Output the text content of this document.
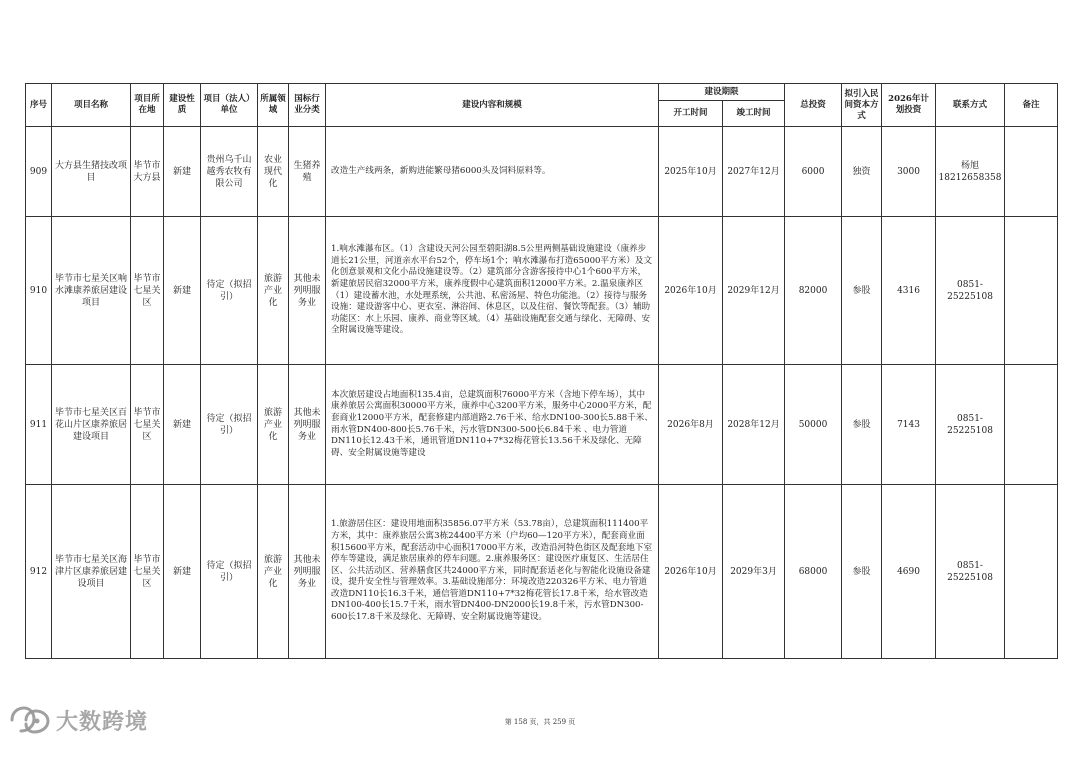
序号	项目名称	项目所在地	建设性质	项目（法人）单位	所属领域	国标行业分类	建设内容和规模	建设期限		总投资	拟引入民间资本方式	2026年计划投资	联系方式	备注
								开工时间	竣工时间					
909	大方县生猪技改项目	毕节市大方县	新建	贵州乌千山越秀农牧有限公司	农业现代化	生猪养殖	改造生产线两条，新购进能繁母猪6000头及饲料原料等。	2025年10月	2027年12月	6000	独资	3000	杨旭 18212658358	
910	毕节市七星关区响水滩康养旅居建设项目	毕节市七星关区	新建	待定（拟招引）	旅游产业化	其他未列明服务业	1.响水滩瀑布区。（1）含建设天河公园至碧阳湖8.5公里两侧基础设施建设（康养步道长21公里，河道亲水平台52个，停车场1个；响水滩瀑布打造65000平方米）及文化创意景观和文化小品设施建设等。（2）建筑部分含游客接待中心1个600平方米，新建旅居民宿32000平方米，康养度假中心建筑面积12000平方米。2.温泉康养区（1）建设蓄水池，水处理系统，公共池、私密汤屋、特色功能池。（2）接待与服务设施：建设游客中心、更衣室、淋浴间、休息区，以及住宿、餐饮等配套。（3）辅助功能区：水上乐园、康养、商业等区域。（4）基础设施配套交通与绿化、无障碍、安全附属设施等建设。	2026年10月	2029年12月	82000	参股	4316	0851-25225108	
911	毕节市七星关区百花山片区康养旅居建设项目	毕节市七星关区	新建	待定（拟招引）	旅游产业化	其他未列明服务业	本次旅居建设占地面积135.4亩，总建筑面积76000平方米（含地下停车场），其中康养旅居公寓面积30000平方米，康养中心3200平方米，服务中心2000平方米，配套商业12000平方米，配套修建内部道路2.76千米、给水DN100-300长5.88千米、雨水管DN400-800长5.76千米，污水管DN300-500长6.84千米 、电力管道DN110长12.43千米，通讯管道DN110+7*32梅花管长13.56千米及绿化、无障碍、安全附属设施等建设	2026年8月	2028年12月	50000	参股	7143	0851-25225108	
912	毕节市七星关区海津片区康养旅居建设项目	毕节市七星关区	新建	待定（拟招引）	旅游产业化	其他未列明服务业	1.旅游居住区：建设用地面积35856.07平方米（53.78亩），总建筑面积111400平方米，其中：康养旅居公寓3栋24400平方米（户均60—120平方米），配套商业面积15600平方米，配套活动中心面积17000平方米，改造沿河特色街区及配套地下室停车等建设，满足旅居康养的停车问题。2.康养服务区：建设医疗康复区、生活居住区、公共活动区、营养膳食区共24000平方米，同时配套适老化与智能化设施设备建设，提升安全性与管理效率。3.基础设施部分：环境改造220326平方米、电力管道改造DN110长16.3千米，通信管道DN110+7*32梅花管长17.8千米，给水管改造DN100-400长15.7千米，雨水管DN400-DN2000长19.8千米，污水管DN300-600长17.8千米及绿化、无障碍、安全附属设施等建设。	2026年10月	2029年3月	68000	参股	4690	0851-25225108	
第 158 页，共 259 页
大数跨境
